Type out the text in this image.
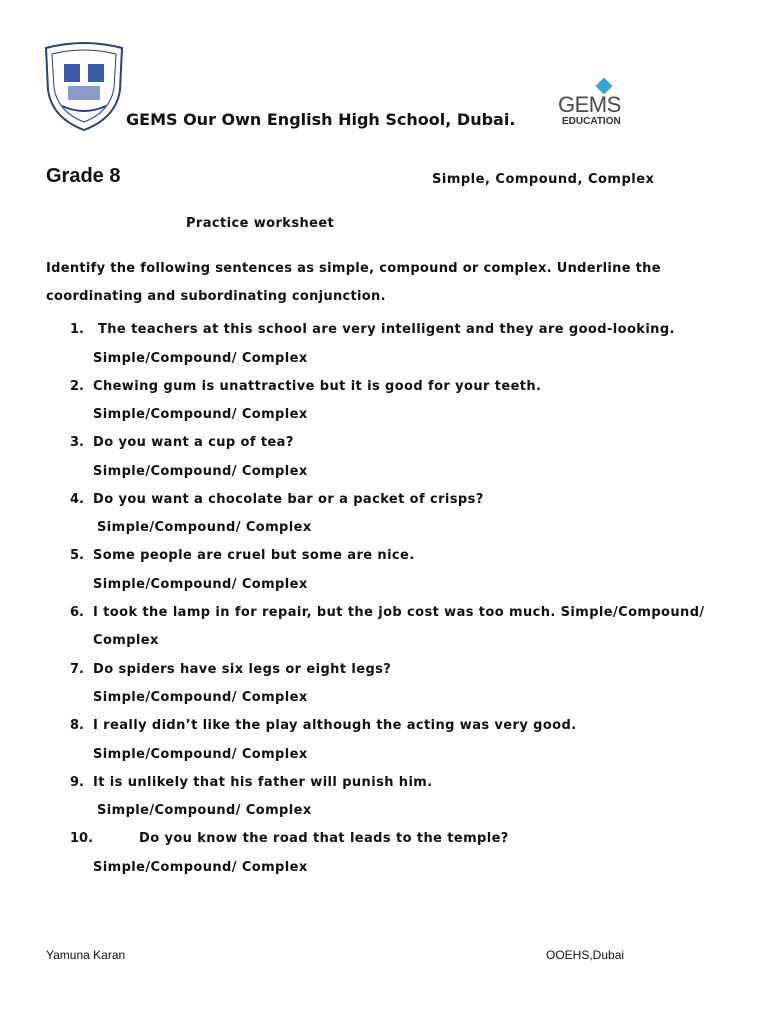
GEMS Our Own English High School, Dubai.
GEMS
EDUCATION
Grade 8	Simple, Compound, Complex
Practice worksheet
Identify the following sentences as simple, compound or complex. Underline the
coordinating and subordinating conjunction.
1. The teachers at this school are very intelligent and they are good-looking.
Simple/Compound/ Complex
2. Chewing gum is unattractive but it is good for your teeth.
Simple/Compound/ Complex
3. Do you want a cup of tea?
Simple/Compound/ Complex
4. Do you want a chocolate bar or a packet of crisps?
Simple/Compound/ Complex
5. Some people are cruel but some are nice.
Simple/Compound/ Complex
6. I took the lamp in for repair, but the job cost was too much. Simple/Compound/
Complex
7. Do spiders have six legs or eight legs?
Simple/Compound/ Complex
8. I really didn’t like the play although the acting was very good.
Simple/Compound/ Complex
9. It is unlikely that his father will punish him.
Simple/Compound/ Complex
10.	Do you know the road that leads to the temple?
Simple/Compound/ Complex
Yamuna Karan	OOEHS,Dubai
